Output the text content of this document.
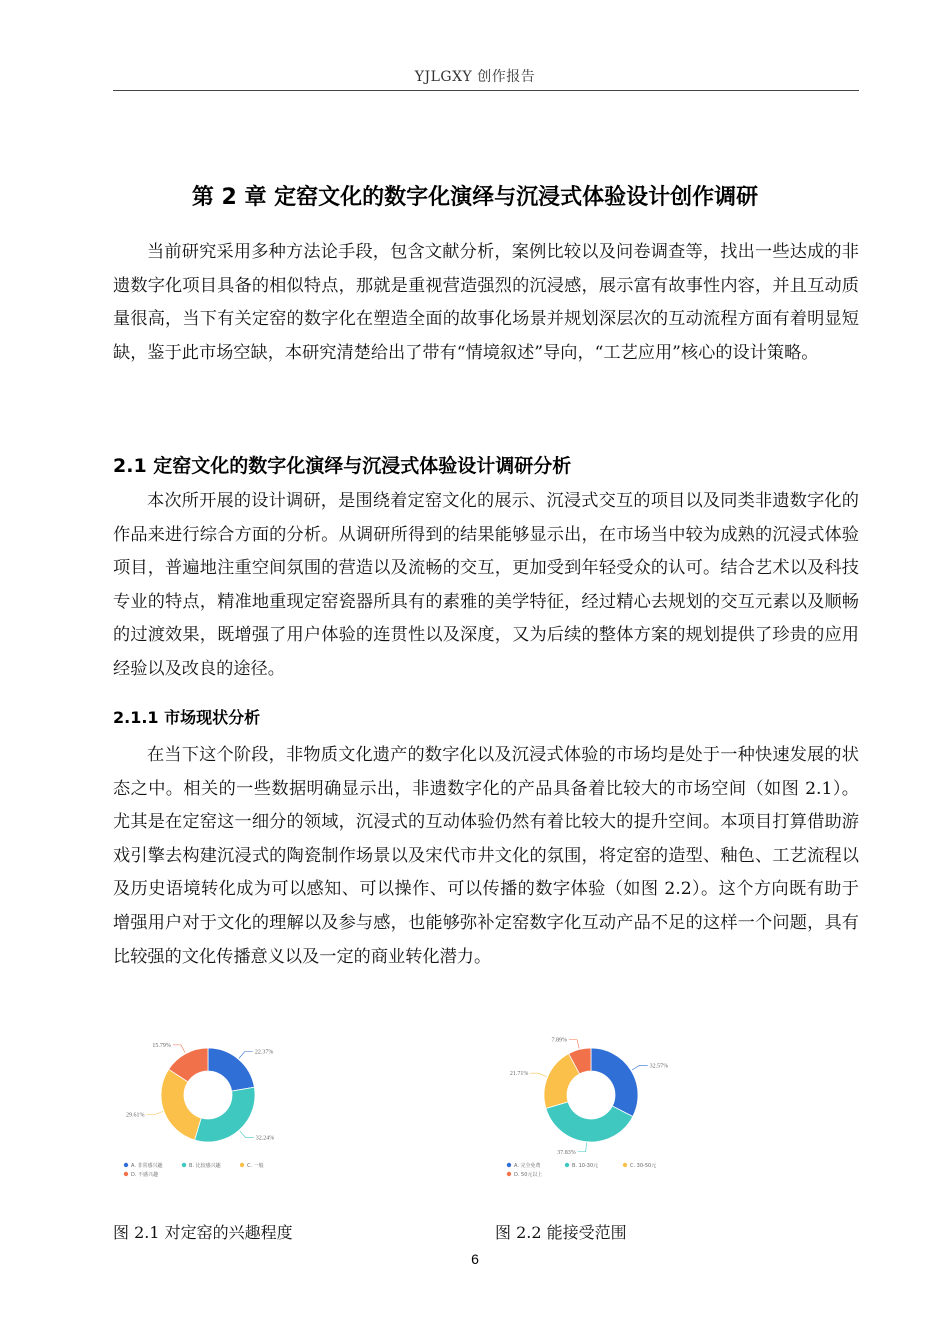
YJLGXY 创作报告
第 2 章 定窑文化的数字化演绎与沉浸式体验设计创作调研

当前研究采用多种方法论手段，包含文献分析，案例比较以及问卷调查等，找出一些达成的非遗数字化项目具备的相似特点，那就是重视营造强烈的沉浸感，展示富有故事性内容，并且互动质量很高，当下有关定窑的数字化在塑造全面的故事化场景并规划深层次的互动流程方面有着明显短缺，鉴于此市场空缺，本研究清楚给出了带有“情境叙述”导向，“工艺应用”核心的设计策略。

2.1 定窑文化的数字化演绎与沉浸式体验设计调研分析

本次所开展的设计调研，是围绕着定窑文化的展示、沉浸式交互的项目以及同类非遗数字化的作品来进行综合方面的分析。从调研所得到的结果能够显示出，在市场当中较为成熟的沉浸式体验项目，普遍地注重空间氛围的营造以及流畅的交互，更加受到年轻受众的认可。结合艺术以及科技专业的特点，精准地重现定窑瓷器所具有的素雅的美学特征，经过精心去规划的交互元素以及顺畅的过渡效果，既增强了用户体验的连贯性以及深度，又为后续的整体方案的规划提供了珍贵的应用经验以及改良的途径。

2.1.1 市场现状分析

在当下这个阶段，非物质文化遗产的数字化以及沉浸式体验的市场均是处于一种快速发展的状态之中。相关的一些数据明确显示出，非遗数字化的产品具备着比较大的市场空间（如图 2.1）。尤其是在定窑这一细分的领域，沉浸式的互动体验仍然有着比较大的提升空间。本项目打算借助游戏引擎去构建沉浸式的陶瓷制作场景以及宋代市井文化的氛围，将定窑的造型、釉色、工艺流程以及历史语境转化成为可以感知、可以操作、可以传播的数字体验（如图 2.2）。这个方向既有助于增强用户对于文化的理解以及参与感，也能够弥补定窑数字化互动产品不足的这样一个问题，具有比较强的文化传播意义以及一定的商业转化潜力。

22.37%
32.24%
29.61%
15.79%
A. 非常感兴趣	B. 比较感兴趣	C. 一般
D. 不感兴趣
32.57%
37.83%
21.71%
7.89%
A. 完全免费	B. 10-30元	C. 30-50元
D. 50元以上
图 2.1 对定窑的兴趣程度	图 2.2 能接受范围
6
